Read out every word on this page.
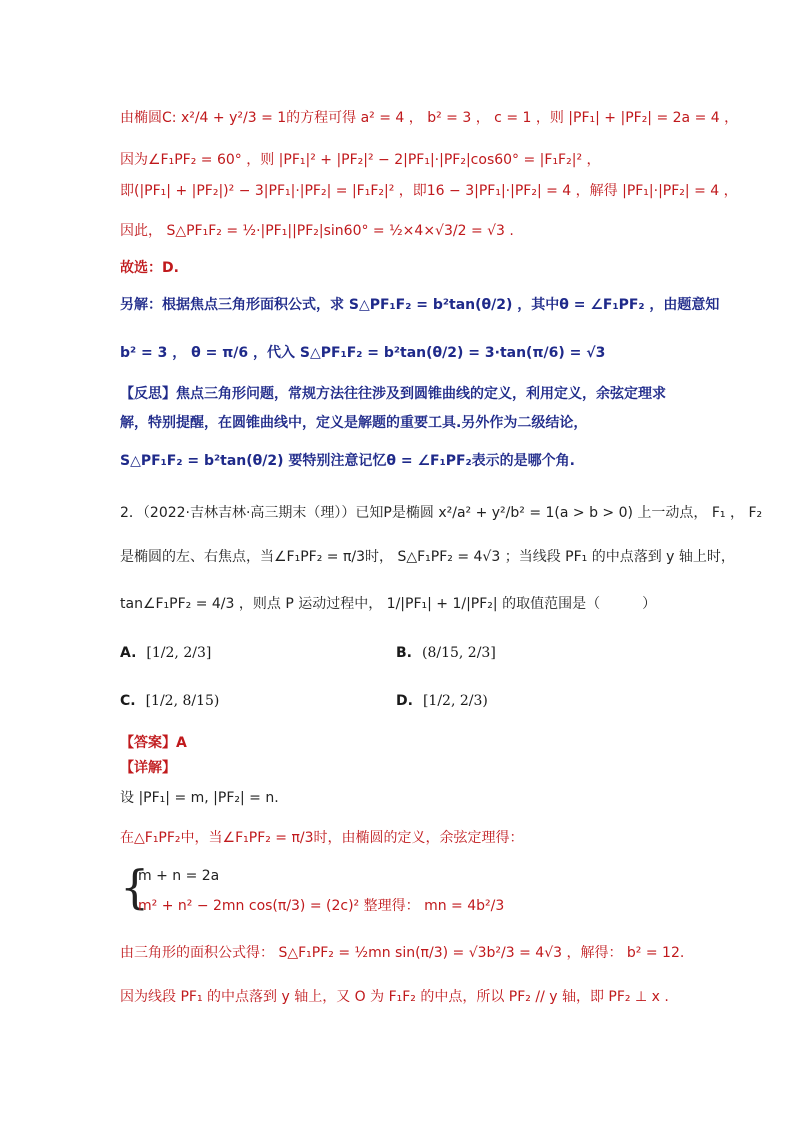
由椭圆C: x²/4 + y²/3 = 1的方程可得 a² = 4 ， b² = 3 ， c = 1 ，则 |PF₁| + |PF₂| = 2a = 4 ，
因为∠F₁PF₂ = 60° ，则 |PF₁|² + |PF₂|² − 2|PF₁|·|PF₂|cos60° = |F₁F₂|² ，
即(|PF₁| + |PF₂|)² − 3|PF₁|·|PF₂| = |F₁F₂|² ，即16 − 3|PF₁|·|PF₂| = 4 ，解得 |PF₁|·|PF₂| = 4 ，
因此， S△PF₁F₂ = ½·|PF₁||PF₂|sin60° = ½×4×√3/2 = √3 .
故选：D.
另解：根据焦点三角形面积公式，求 S△PF₁F₂ = b²tan(θ/2) ，其中θ = ∠F₁PF₂ ，由题意知
b² = 3 ， θ = π/6 ，代入 S△PF₁F₂ = b²tan(θ/2) = 3·tan(π/6) = √3
【反思】焦点三角形问题，常规方法往往涉及到圆锥曲线的定义，利用定义，余弦定理求
解，特别提醒，在圆锥曲线中，定义是解题的重要工具.另外作为二级结论，
S△PF₁F₂ = b²tan(θ/2) 要特别注意记忆θ = ∠F₁PF₂表示的是哪个角.
2．（2022·吉林吉林·高三期末（理））已知P是椭圆 x²/a² + y²/b² = 1(a > b > 0) 上一动点， F₁ ， F₂
是椭圆的左、右焦点，当∠F₁PF₂ = π/3时， S△F₁PF₂ = 4√3 ；当线段 PF₁ 的中点落到 y 轴上时，
tan∠F₁PF₂ = 4/3 ，则点 P 运动过程中， 1/|PF₁| + 1/|PF₂| 的取值范围是（　　　）
A. [1/2, 2/3]	B. (8/15, 2/3]
C. [1/2, 8/15)	D. [1/2, 2/3)
【答案】A
【详解】
设 |PF₁| = m, |PF₂| = n.
在△F₁PF₂中，当∠F₁PF₂ = π/3时，由椭圆的定义，余弦定理得：
{
m + n = 2a
m² + n² − 2mn cos(π/3) = (2c)² 整理得： mn = 4b²/3
由三角形的面积公式得： S△F₁PF₂ = ½mn sin(π/3) = √3b²/3 = 4√3 ，解得： b² = 12.
因为线段 PF₁ 的中点落到 y 轴上，又 O 为 F₁F₂ 的中点，所以 PF₂ // y 轴，即 PF₂ ⊥ x .
